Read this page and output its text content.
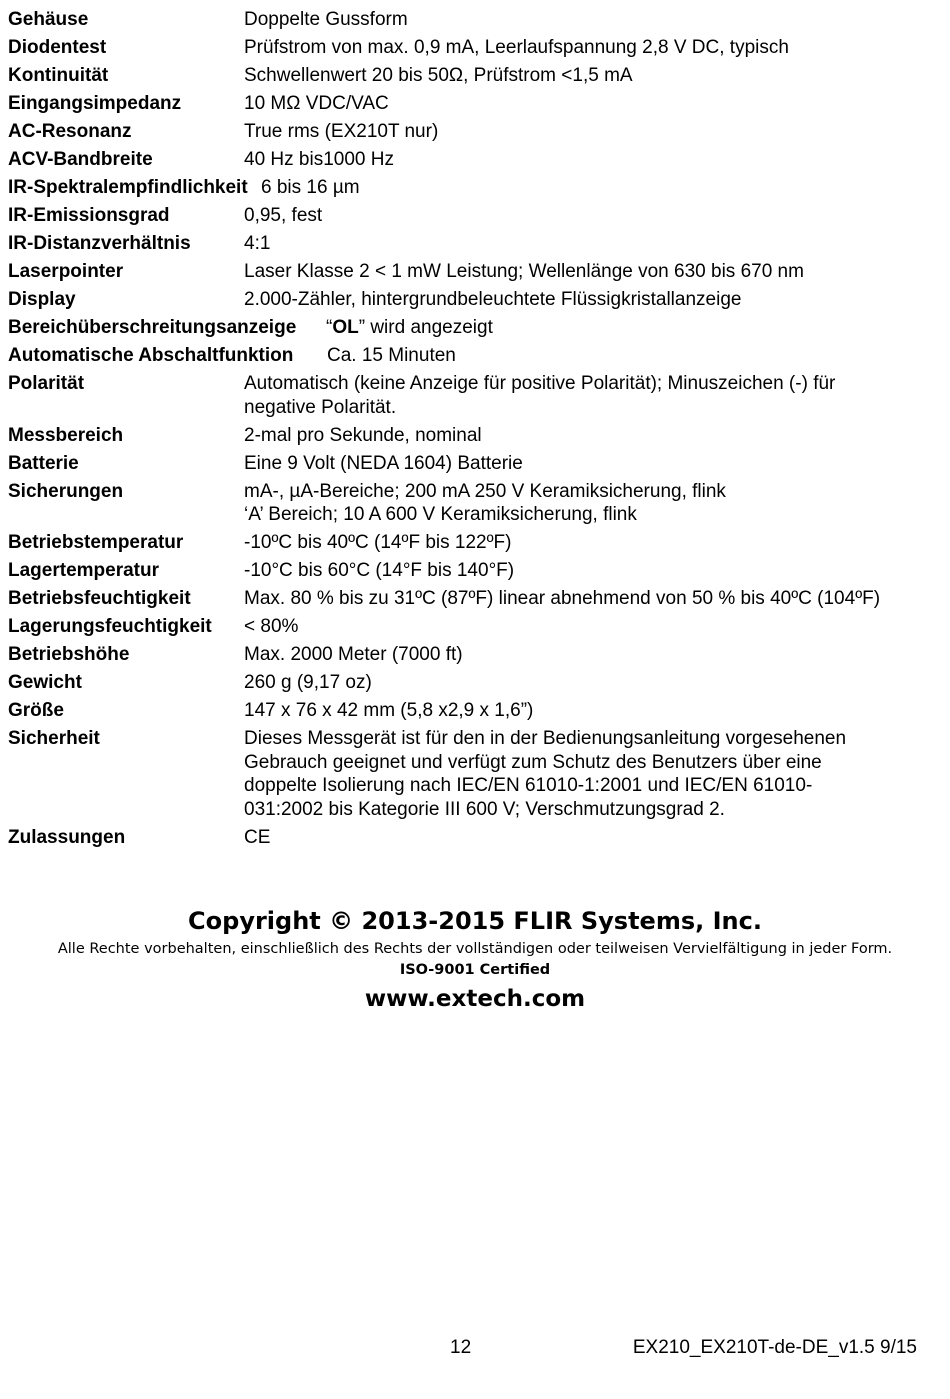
Gehäuse	Doppelte Gussform
Diodentest	Prüfstrom von max. 0,9 mA, Leerlaufspannung 2,8 V DC, typisch
Kontinuität	Schwellenwert 20 bis 50Ω, Prüfstrom <1,5 mA
Eingangsimpedanz	10 MΩ VDC/VAC
AC-Resonanz	True rms (EX210T nur)
ACV-Bandbreite	40 Hz bis1000 Hz
IR-Spektralempfindlichkeit 6 bis 16 µm
IR-Emissionsgrad	0,95, fest
IR-Distanzverhältnis	4:1
Laserpointer	Laser Klasse 2 < 1 mW Leistung; Wellenlänge von 630 bis 670 nm
Display	2.000-Zähler, hintergrundbeleuchtete Flüssigkristallanzeige
Bereichüberschreitungsanzeige “OL” wird angezeigt
Automatische Abschaltfunktion Ca. 15 Minuten
Polarität	Automatisch (keine Anzeige für positive Polarität); Minuszeichen (-) für
negative Polarität.
Messbereich	2-mal pro Sekunde, nominal
Batterie	Eine 9 Volt (NEDA 1604) Batterie
Sicherungen	mA-, µA-Bereiche; 200 mA 250 V Keramiksicherung, flink
‘A’ Bereich; 10 A 600 V Keramiksicherung, flink
Betriebstemperatur	-10ºC bis 40ºC (14ºF bis 122ºF)
Lagertemperatur	-10°C bis 60°C (14°F bis 140°F)
Betriebsfeuchtigkeit	Max. 80 % bis zu 31ºC (87ºF) linear abnehmend von 50 % bis 40ºC (104ºF)
Lagerungsfeuchtigkeit < 80%
Betriebshöhe	Max. 2000 Meter (7000 ft)
Gewicht	260 g (9,17 oz)
Größe	147 x 76 x 42 mm (5,8 x2,9 x 1,6”)
Sicherheit	Dieses Messgerät ist für den in der Bedienungsanleitung vorgesehenen
Gebrauch geeignet und verfügt zum Schutz des Benutzers über eine
doppelte Isolierung nach IEC/EN 61010-1:2001 und IEC/EN 61010-
031:2002 bis Kategorie III 600 V; Verschmutzungsgrad 2.
Zulassungen	CE
Copyright © 2013-2015 FLIR Systems, Inc.
Alle Rechte vorbehalten, einschließlich des Rechts der vollständigen oder teilweisen Vervielfältigung in jeder Form.
ISO-9001 Certified
www.extech.com
12	EX210_EX210T-de-DE_v1.5 9/15
